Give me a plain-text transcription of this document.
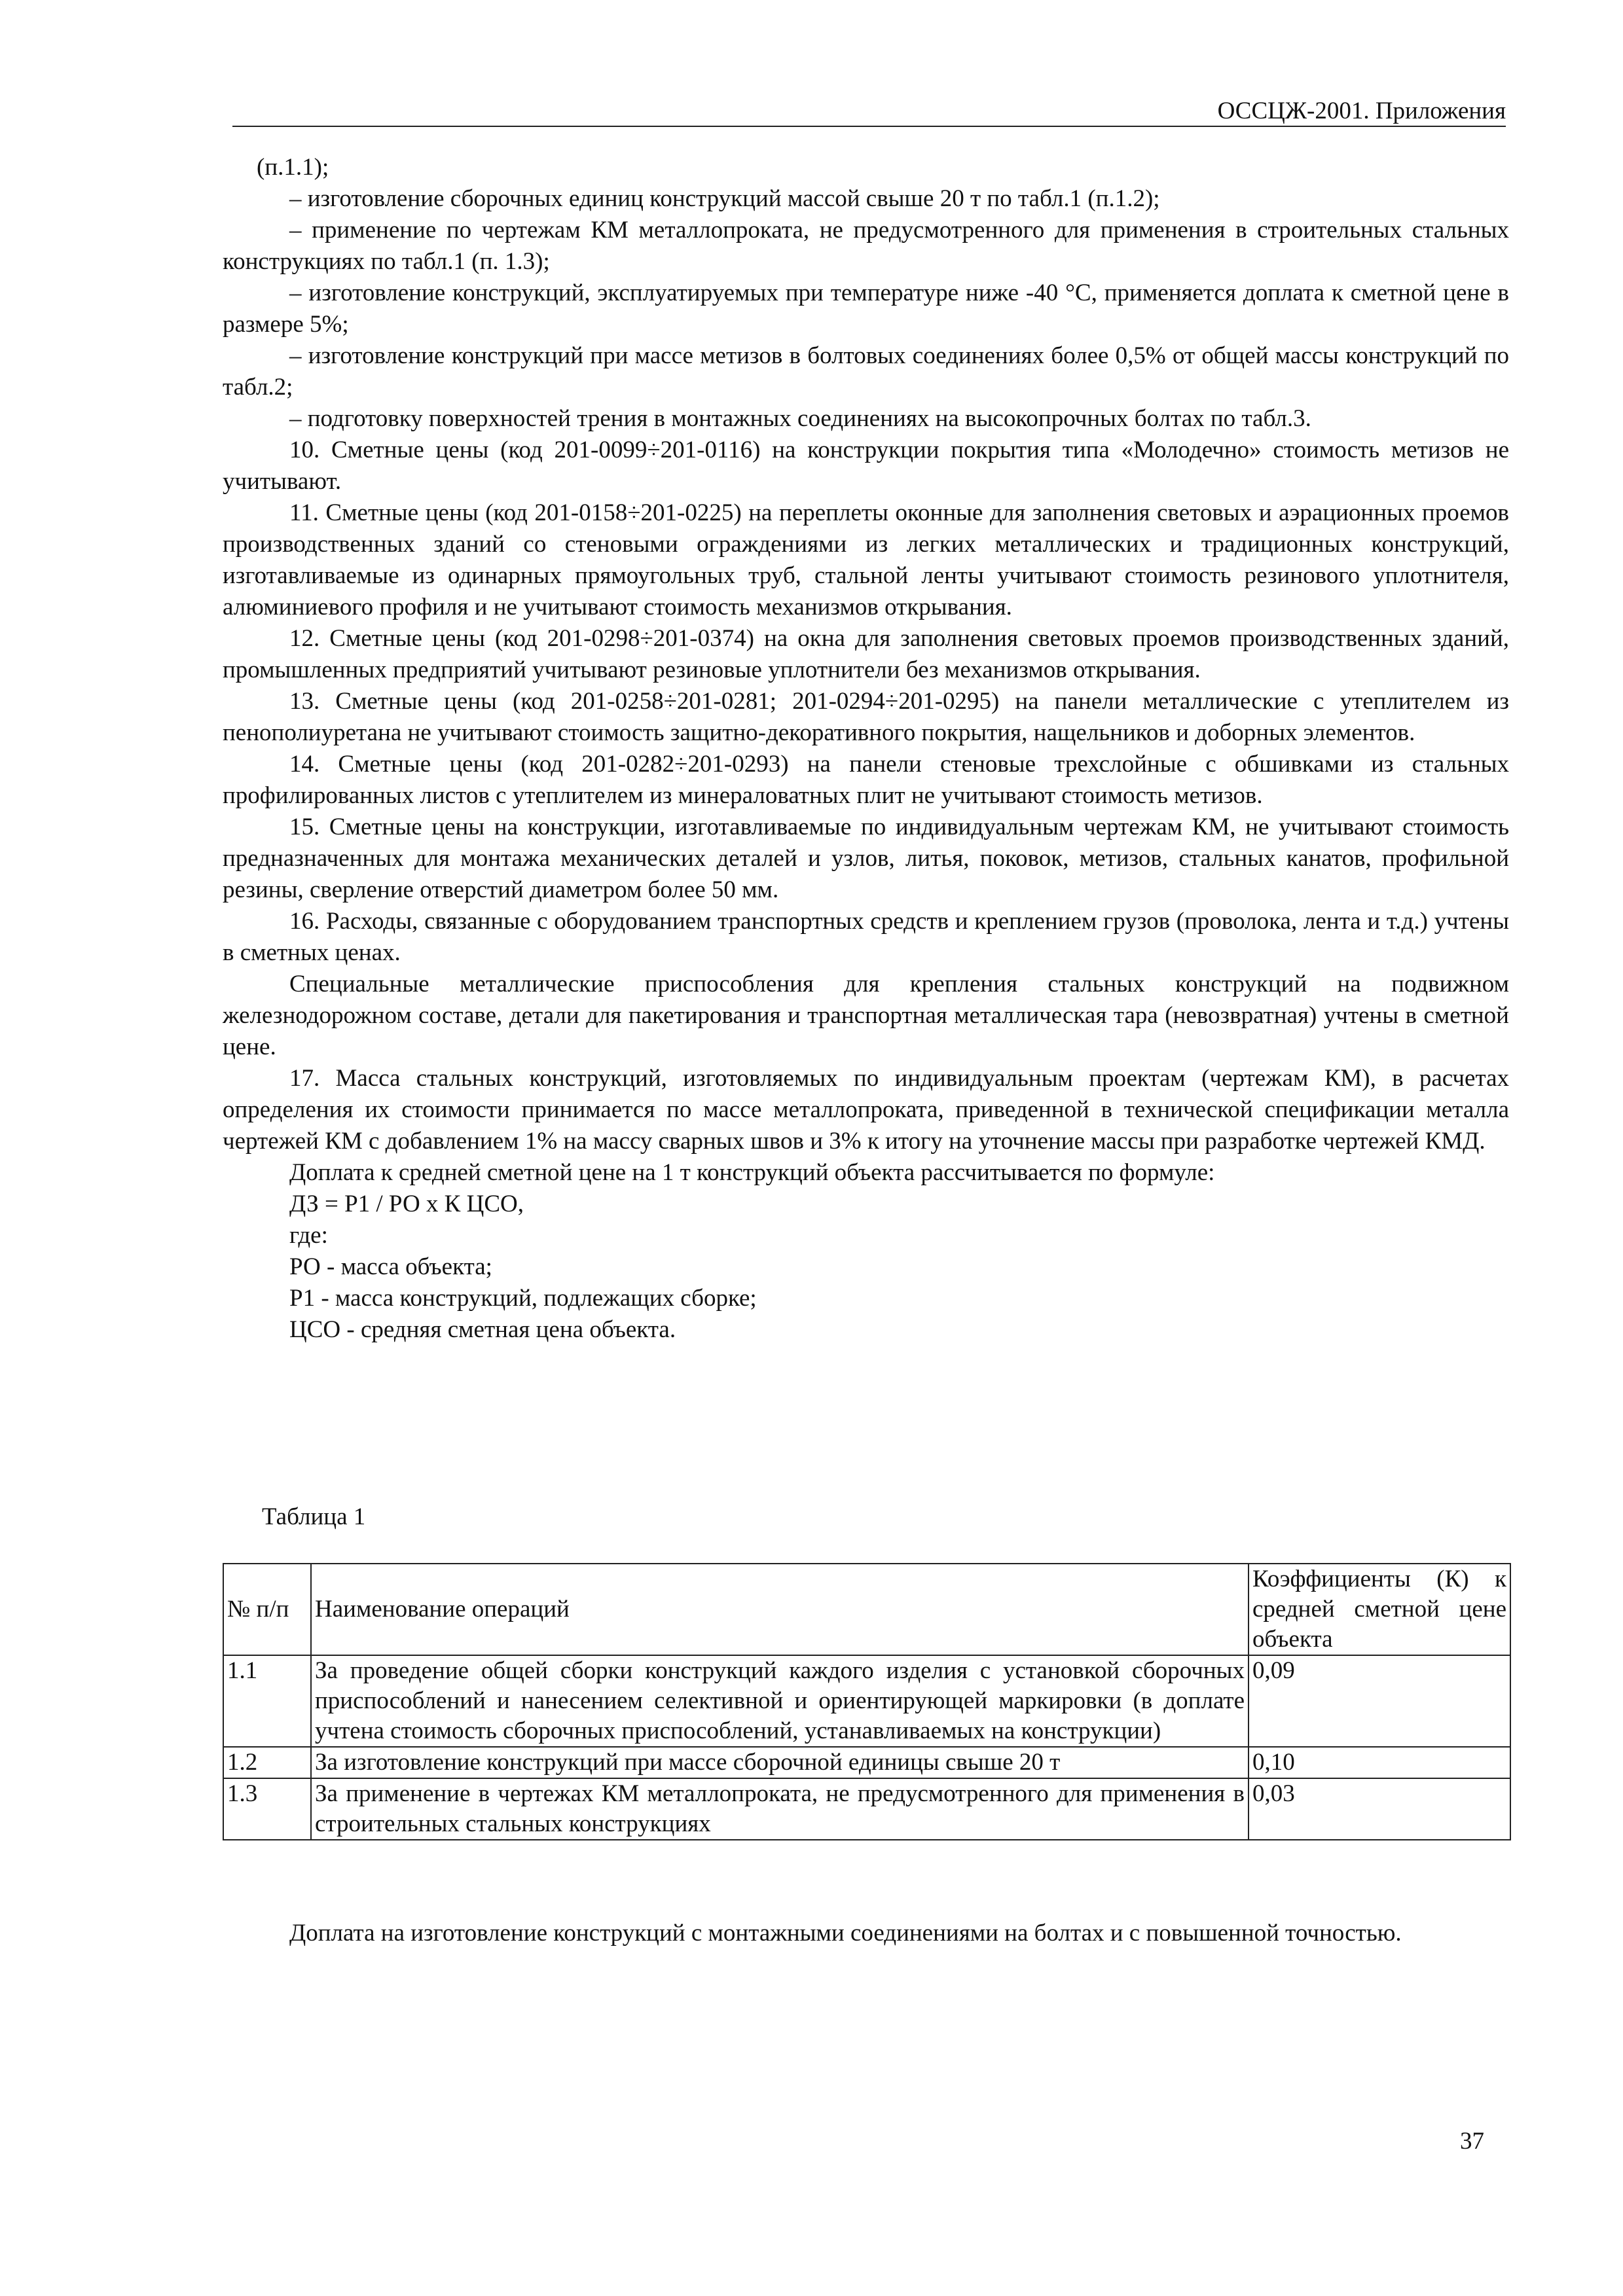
ОССЦЖ-2001. Приложения

(п.1.1);

– изготовление сборочных единиц конструкций массой свыше 20 т по табл.1 (п.1.2);

– применение по чертежам КМ металлопроката, не предусмотренного для применения в строительных стальных конструкциях по табл.1 (п. 1.3);

– изготовление конструкций, эксплуатируемых при температуре ниже -40 °С, применяется доплата к сметной цене в размере 5%;

– изготовление конструкций при массе метизов в болтовых соединениях более 0,5% от общей массы конструкций по табл.2;

– подготовку поверхностей трения в монтажных соединениях на высокопрочных болтах по табл.3.

10. Сметные цены (код 201-0099÷201-0116) на конструкции покрытия типа «Молодечно» стоимость метизов не учитывают.

11. Сметные цены (код 201-0158÷201-0225) на переплеты оконные для заполнения световых и аэрационных проемов производственных зданий со стеновыми ограждениями из легких металлических и традиционных конструкций, изготавливаемые из одинарных прямоугольных труб, стальной ленты учитывают стоимость резинового уплотнителя, алюминиевого профиля и не учитывают стоимость механизмов открывания.

12. Сметные цены (код 201-0298÷201-0374) на окна для заполнения световых проемов производственных зданий, промышленных предприятий учитывают резиновые уплотнители без механизмов открывания.

13. Сметные цены (код 201-0258÷201-0281; 201-0294÷201-0295) на панели металлические с утеплителем из пенополиуретана не учитывают стоимость защитно-декоративного покрытия, нащельников и доборных элементов.

14. Сметные цены (код 201-0282÷201-0293) на панели стеновые трехслойные с обшивками из стальных профилированных листов с утеплителем из минераловатных плит не учитывают стоимость метизов.

15. Сметные цены на конструкции, изготавливаемые по индивидуальным чертежам КМ, не учитывают стоимость предназначенных для монтажа механических деталей и узлов, литья, поковок, метизов, стальных канатов, профильной резины, сверление отверстий диаметром более 50 мм.

16. Расходы, связанные с оборудованием транспортных средств и креплением грузов (проволока, лента и т.д.) учтены в сметных ценах.

Специальные металлические приспособления для крепления стальных конструкций на подвижном железнодорожном составе, детали для пакетирования и транспортная металлическая тара (невозвратная) учтены в сметной цене.

17. Масса стальных конструкций, изготовляемых по индивидуальным проектам (чертежам КМ), в расчетах определения их стоимости принимается по массе металлопроката, приведенной в технической спецификации металла чертежей КМ с добавлением 1% на массу сварных швов и 3% к итогу на уточнение массы при разработке чертежей КМД.

Доплата к средней сметной цене на 1 т конструкций объекта рассчитывается по формуле:

ДЗ = Р1 / РО х К ЦСО,

где:

РО - масса объекта;

Р1 - масса конструкций, подлежащих сборке;

ЦСО - средняя сметная цена объекта.

Таблица 1
№ п/п	Наименование операций	Коэффициенты (К) к средней сметной цене объекта
1.1	За проведение общей сборки конструкций каждого изделия с установкой сборочных приспособлений и нанесением селективной и ориентирующей маркировки (в доплате учтена стоимость сборочных приспособлений, устанавливаемых на конструкции)	0,09
1.2	За изготовление конструкций при массе сборочной единицы свыше 20 т	0,10
1.3	За применение в чертежах КМ металлопроката, не предусмотренного для применения в строительных стальных конструкциях	0,03

Доплата на изготовление конструкций с монтажными соединениями на болтах и с повышенной точностью.

37
